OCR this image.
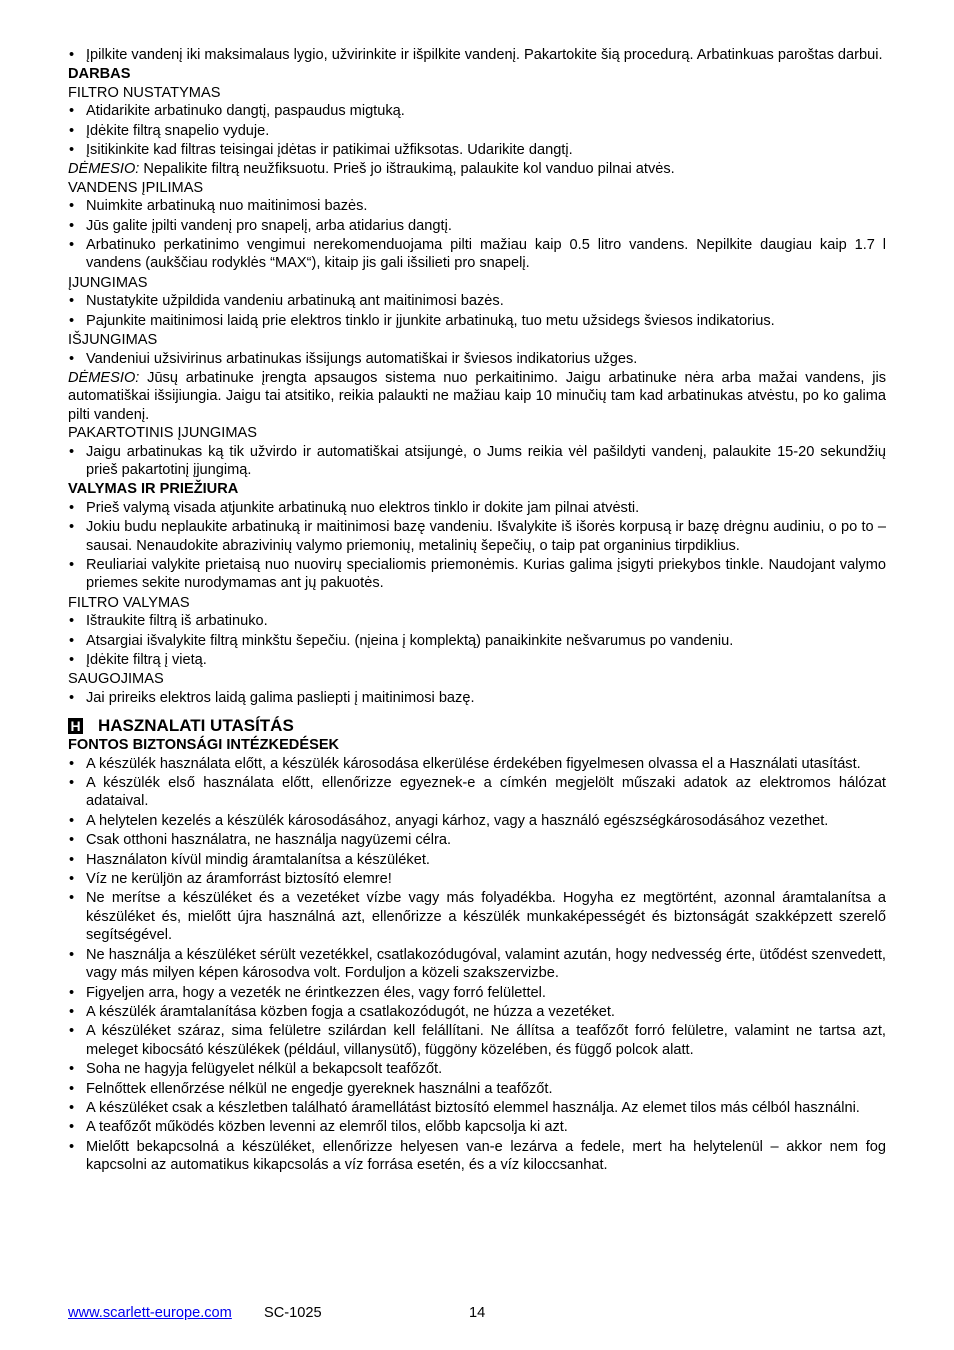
• Įpilkite vandenį iki maksimalaus lygio, užvirinkite ir išpilkite vandenį. Pakartokite šią procedurą. Arbatinkuas paroštas darbui.

DARBAS

FILTRO NUSTATYMAS

• Atidarikite arbatinuko dangtį, paspaudus migtuką.
• Įdėkite filtrą snapelio vyduje.
• Įsitikinkite kad filtras teisingai įdėtas ir patikimai užfiksotas. Udarikite dangtį.

DĖMESIO: Nepalikite filtrą neužfiksuotu. Prieš jo ištraukimą, palaukite kol vanduo pilnai atvės.

VANDENS ĮPILIMAS

• Nuimkite arbatinuką nuo maitinimosi bazės.
• Jūs galite įpilti vandenį pro snapelį, arba atidarius dangtį.
• Arbatinuko perkatinimo vengimui nerekomenduojama pilti mažiau kaip 0.5 litro vandens. Nepilkite daugiau kaip 1.7 l vandens (aukščiau rodyklės “MAX“), kitaip jis gali išsilieti pro snapelį.

ĮJUNGIMAS

• Nustatykite užpildida vandeniu arbatinuką ant maitinimosi bazės.
• Pajunkite maitinimosi laidą prie elektros tinklo ir įjunkite arbatinuką, tuo metu užsidegs šviesos indikatorius.

IŠJUNGIMAS

• Vandeniui užsivirinus arbatinukas išsijungs automatiškai ir šviesos indikatorius užges.

DĖMESIO: Jūsų arbatinuke įrengta apsaugos sistema nuo perkaitinimo. Jaigu arbatinuke nėra arba mažai vandens, jis automatiškai išsijiungia. Jaigu tai atsitiko, reikia palaukti ne mažiau kaip 10 minučių tam kad arbatinukas atvėstu, po ko galima pilti vandenį.

PAKARTOTINIS ĮJUNGIMAS

• Jaigu arbatinukas ką tik užvirdo ir automatiškai atsijungė, o Jums reikia vėl pašildyti vandenį, palaukite 15-20 sekundžių prieš pakartotinį įjungimą.

VALYMAS IR PRIEŽIURA

• Prieš valymą visada atjunkite arbatinuką nuo elektros tinklo ir dokite jam pilnai atvėsti.
• Jokiu budu neplaukite arbatinuką ir maitinimosi bazę vandeniu. Išvalykite iš išorės korpusą ir bazę drėgnu audiniu, o po to – sausai. Nenaudokite abrazivinių valymo priemonių, metalinių šepečių, o taip pat organinius tirpdiklius.
• Reuliariai valykite prietaisą nuo nuovirų specialiomis priemonėmis. Kurias galima įsigyti priekybos tinkle. Naudojant valymo priemes sekite nurodymamas ant jų pakuotės.

FILTRO VALYMAS

• Ištraukite filtrą iš arbatinuko.
• Atsargiai išvalykite filtrą minkštu šepečiu. (nįeina į komplektą) panaikinkite nešvarumus po vandeniu.
• Įdėkite filtrą į vietą.

SAUGOJIMAS

• Jai prireiks elektros laidą galima pasliepti į maitinimosi bazę.
H HASZNALATI UTASÍTÁS

FONTOS BIZTONSÁGI INTÉZKEDÉSEK

• A készülék használata előtt, a készülék károsodása elkerülése érdekében figyelmesen olvassa el a Használati utasítást.
• A készülék első használata előtt, ellenőrizze egyeznek-e a címkén megjelölt műszaki adatok az elektromos hálózat adataival.
• A helytelen kezelés a készülék károsodásához, anyagi kárhoz, vagy a használó egészségkárosodásához vezethet.
• Csak otthoni használatra, ne használja nagyüzemi célra.
• Használaton kívül mindig áramtalanítsa a készüléket.
• Víz ne kerüljön az áramforrást biztosító elemre!
• Ne merítse a készüléket és a vezetéket vízbe vagy más folyadékba. Hogyha ez megtörtént, azonnal áramtalanítsa a készüléket és, mielőtt újra használná azt, ellenőrizze a készülék munkaképességét és biztonságát szakképzett szerelő segítségével.
• Ne használja a készüléket sérült vezetékkel, csatlakozódugóval, valamint azután, hogy nedvesség érte, ütődést szenvedett, vagy más milyen képen károsodva volt. Forduljon a közeli szakszervizbe.
• Figyeljen arra, hogy a vezeték ne érintkezzen éles, vagy forró felülettel.
• A készülék áramtalanítása közben fogja a csatlakozódugót, ne húzza a vezetéket.
• A készüléket száraz, sima felületre szilárdan kell felállítani. Ne állítsa a teafőzőt forró felületre, valamint ne tartsa azt, meleget kibocsátó készülékek (például, villanysütő), függöny közelében, és függő polcok alatt.
• Soha ne hagyja felügyelet nélkül a bekapcsolt teafőzőt.
• Felnőttek ellenőrzése nélkül ne engedje gyereknek használni a teafőzőt.
• A készüléket csak a készletben található áramellátást biztosító elemmel használja. Az elemet tilos más célból használni.
• A teafőzőt működés közben levenni az elemről tilos, előbb kapcsolja ki azt.
• Mielőtt bekapcsolná a készüléket, ellenőrizze helyesen van-e lezárva a fedele, mert ha helytelenül – akkor nem fog kapcsolni az automatikus kikapcsolás a víz forrása esetén, és a víz kiloccsanhat.
www.scarlett-europe.com SC-1025	14
